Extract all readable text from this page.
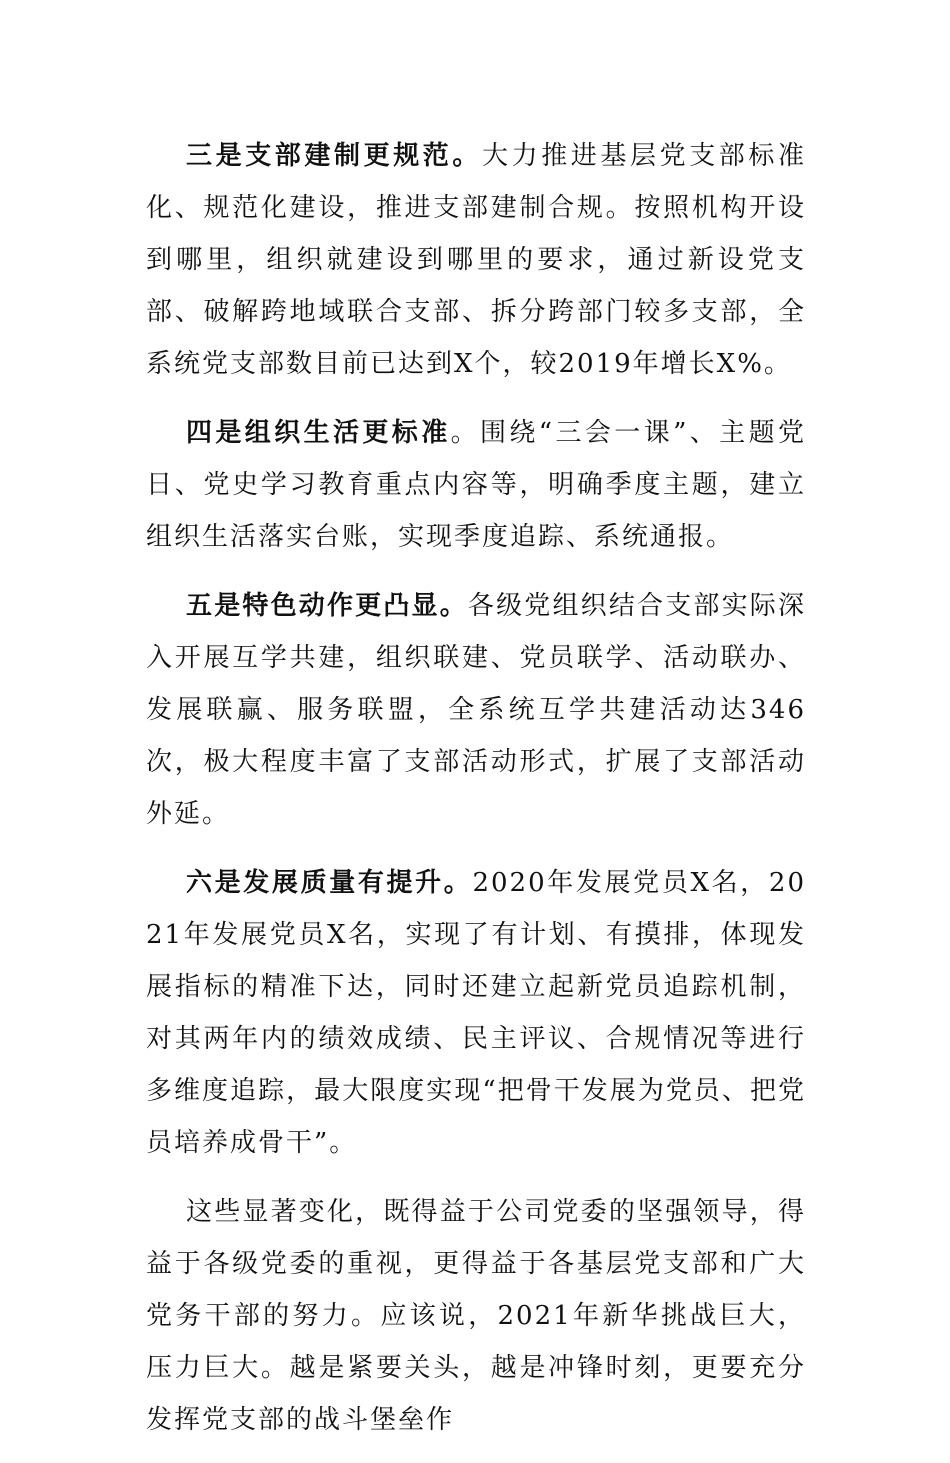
三是支部建制更规范。大力推进基层党支部标准化、规范化建设，推进支部建制合规。按照机构开设到哪里，组织就建设到哪里的要求，通过新设党支部、破解跨地域联合支部、拆分跨部门较多支部，全系统党支部数目前已达到X个，较2019年增长X%。

四是组织生活更标准。围绕“三会一课”、主题党日、党史学习教育重点内容等，明确季度主题，建立组织生活落实台账，实现季度追踪、系统通报。

五是特色动作更凸显。各级党组织结合支部实际深入开展互学共建，组织联建、党员联学、活动联办、发展联赢、服务联盟，全系统互学共建活动达346次，极大程度丰富了支部活动形式，扩展了支部活动外延。

六是发展质量有提升。2020年发展党员X名，2021年发展党员X名，实现了有计划、有摸排，体现发展指标的精准下达，同时还建立起新党员追踪机制，对其两年内的绩效成绩、民主评议、合规情况等进行多维度追踪，最大限度实现“把骨干发展为党员、把党员培养成骨干”。

这些显著变化，既得益于公司党委的坚强领导，得益于各级党委的重视，更得益于各基层党支部和广大党务干部的努力。应该说，2021年新华挑战巨大，压力巨大。越是紧要关头，越是冲锋时刻，更要充分发挥党支部的战斗堡垒作
